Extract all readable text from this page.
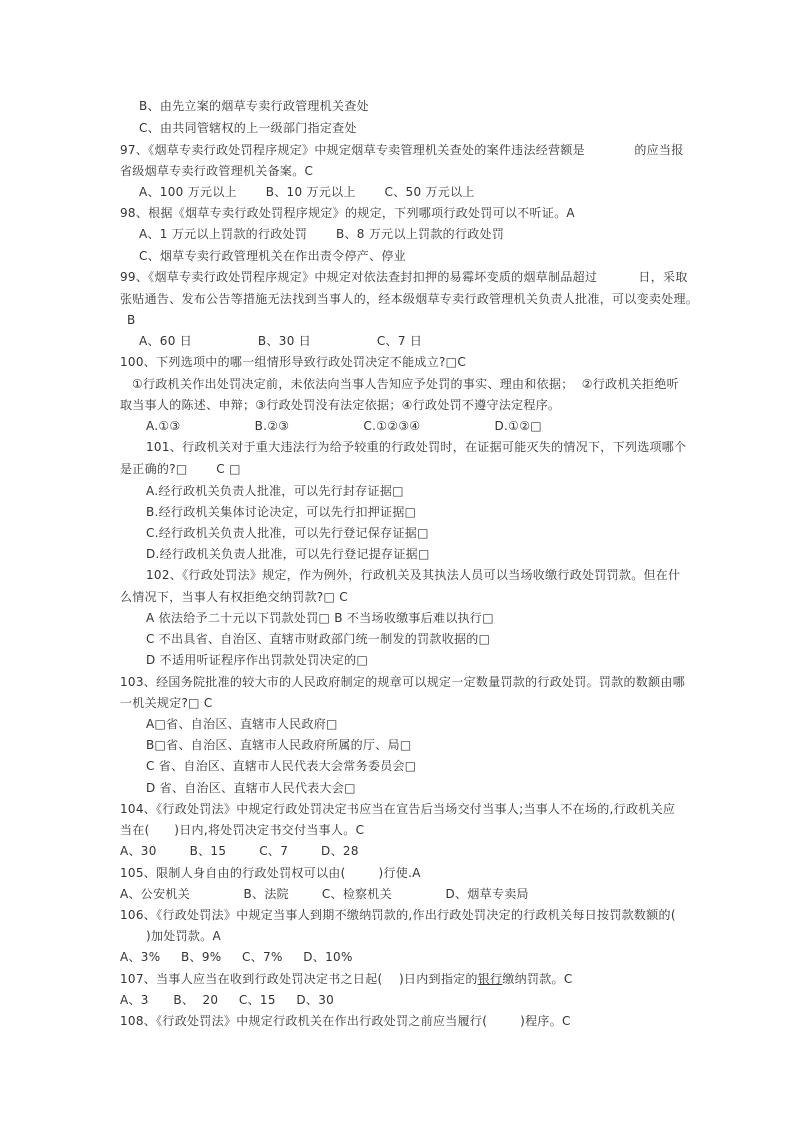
B、由先立案的烟草专卖行政管理机关查处
C、由共同管辖权的上一级部门指定查处
97、《烟草专卖行政处罚程序规定》中规定烟草专卖管理机关查处的案件违法经营额是            的应当报
省级烟草专卖行政管理机关备案。C
A、100 万元以上       B、10 万元以上       C、50 万元以上
98、根据《烟草专卖行政处罚程序规定》的规定，下列哪项行政处罚可以不听证。A
A、1 万元以上罚款的行政处罚       B、8 万元以上罚款的行政处罚
C、烟草专卖行政管理机关在作出责令停产、停业
99、《烟草专卖行政处罚程序规定》中规定对依法查封扣押的易霉坏变质的烟草制品超过          日，采取
张贴通告、发布公告等措施无法找到当事人的，经本级烟草专卖行政管理机关负责人批准，可以变卖处理。
B
A、60 日                B、30 日                C、7 日
100、下列选项中的哪一组情形导致行政处罚决定不能成立?□C
①行政机关作出处罚决定前，未依法向当事人告知应予处罚的事实、理由和依据；  ②行政机关拒绝听
取当事人的陈述、申辩；③行政处罚没有法定依据；④行政处罚不遵守法定程序。
A.①③                  B.②③                  C.①②③④                  D.①②□
101、行政机关对于重大违法行为给予较重的行政处罚时，在证据可能灭失的情况下，下列选项哪个
是正确的?□       C □
A.经行政机关负责人批准，可以先行封存证据□
B.经行政机关集体讨论决定，可以先行扣押证据□
C.经行政机关负责人批准，可以先行登记保存证据□
D.经行政机关负责人批准，可以先行登记提存证据□
102、《行政处罚法》规定，作为例外，行政机关及其执法人员可以当场收缴行政处罚罚款。但在什
么情况下，当事人有权拒绝交纳罚款?□ C
A 依法给予二十元以下罚款处罚□ B 不当场收缴事后难以执行□
C 不出具省、自治区、直辖市财政部门统一制发的罚款收据的□
D 不适用听证程序作出罚款处罚决定的□
103、经国务院批准的较大市的人民政府制定的规章可以规定一定数量罚款的行政处罚。罚款的数额由哪
一机关规定?□ C
A□省、自治区、直辖市人民政府□
B□省、自治区、直辖市人民政府所属的厅、局□
C 省、自治区、直辖市人民代表大会常务委员会□
D 省、自治区、直辖市人民代表大会□
104、《行政处罚法》中规定行政处罚决定书应当在宣告后当场交付当事人;当事人不在场的,行政机关应
当在(      )日内,将处罚决定书交付当事人。C
A、30        B、15        C、7        D、28
105、限制人身自由的行政处罚权可以由(        )行使.A
A、公安机关             B、法院        C、检察机关             D、烟草专卖局
106、《行政处罚法》中规定当事人到期不缴纳罚款的,作出行政处罚决定的行政机关每日按罚款数额的(
)加处罚款。A
A、3%     B、9%     C、7%     D、10%
107、当事人应当在收到行政处罚决定书之日起(    )日内到指定的银行缴纳罚款。C
A、3      B、  20     C、15     D、30
108、《行政处罚法》中规定行政机关在作出行政处罚之前应当履行(        )程序。C
